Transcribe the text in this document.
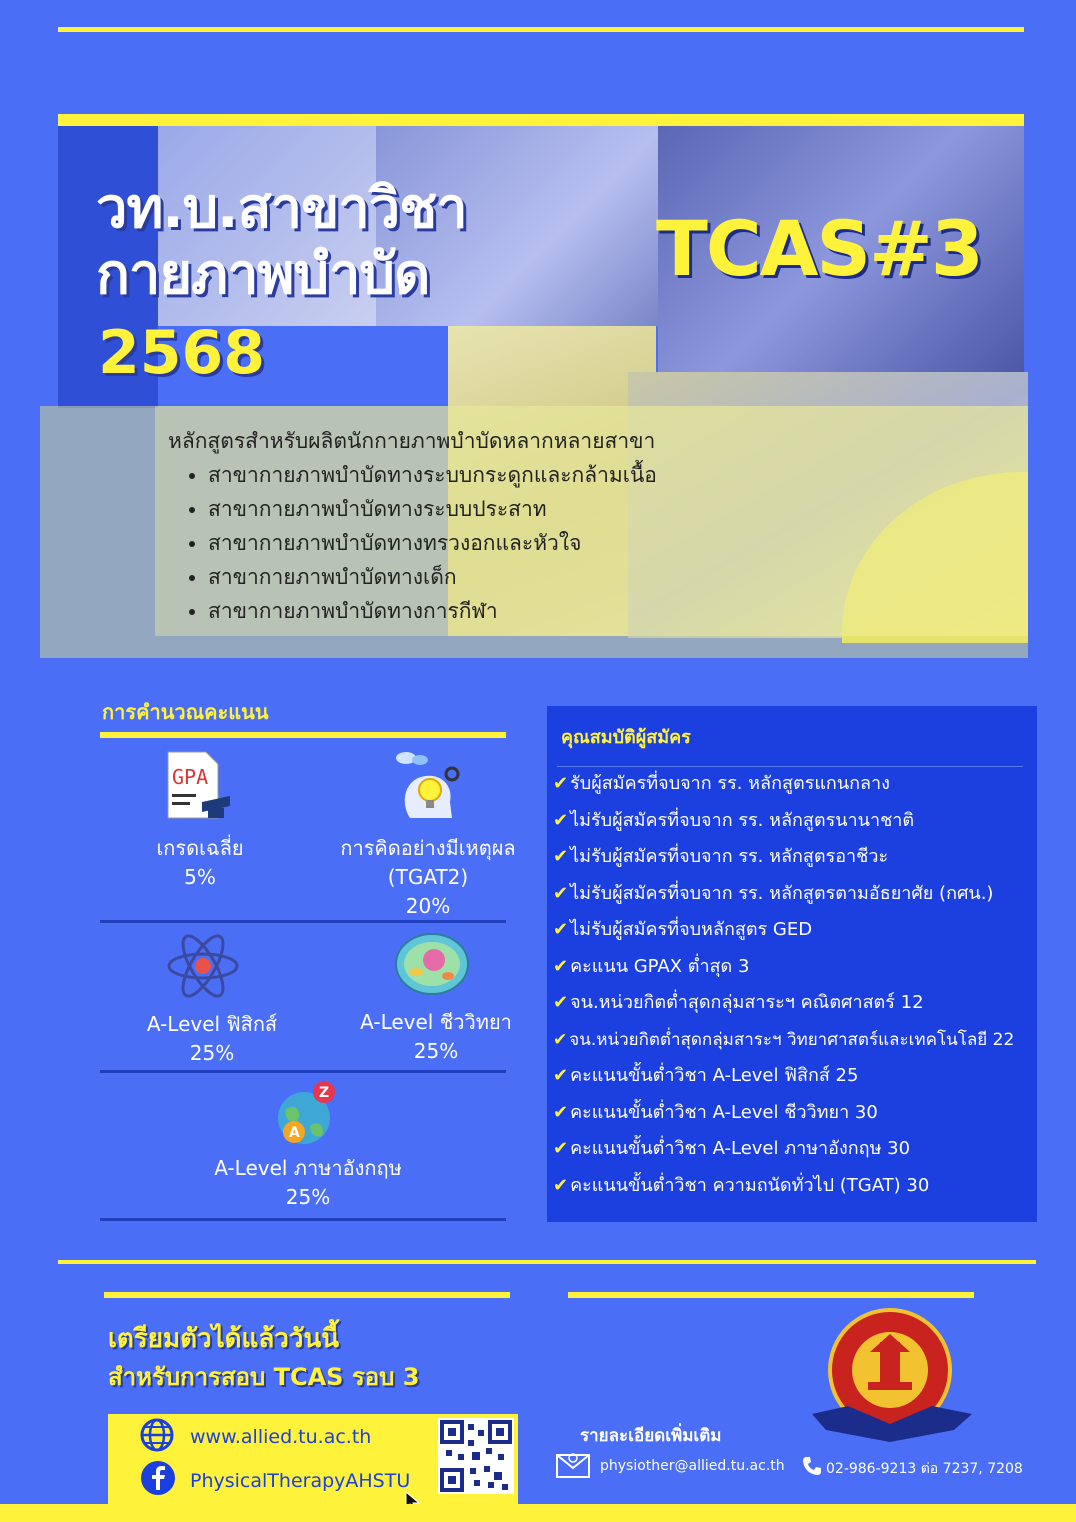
วท.บ.สาขาวิชา
กายภาพบำบัด
2568
TCAS#3
หลักสูตรสำหรับผลิตนักกายภาพบำบัดหลากหลายสาขา
• สาขากายภาพบำบัดทางระบบกระดูกและกล้ามเนื้อ
• สาขากายภาพบำบัดทางระบบประสาท
• สาขากายภาพบำบัดทางทรวงอกและหัวใจ
• สาขากายภาพบำบัดทางเด็ก
• สาขากายภาพบำบัดทางการกีฬา
การคำนวณคะแนน
GPA
เกรดเฉลี่ย
5%
การคิดอย่างมีเหตุผล
(TGAT2)
20%
A-Level ฟิสิกส์
25%
A-Level ชีววิทยา
25%
Z
A
A-Level ภาษาอังกฤษ
25%
คุณสมบัติผู้สมัคร
✔ รับผู้สมัครที่จบจาก รร. หลักสูตรแกนกลาง
✔ ไม่รับผู้สมัครที่จบจาก รร. หลักสูตรนานาชาติ
✔ ไม่รับผู้สมัครที่จบจาก รร. หลักสูตรอาชีวะ
✔ ไม่รับผู้สมัครที่จบจาก รร. หลักสูตรตามอัธยาศัย (กศน.)
✔ ไม่รับผู้สมัครที่จบหลักสูตร GED
✔ คะแนน GPAX ต่ำสุด 3
✔ จน.หน่วยกิตต่ำสุดกลุ่มสาระฯ คณิตศาสตร์ 12
✔ จน.หน่วยกิตต่ำสุดกลุ่มสาระฯ วิทยาศาสตร์และเทคโนโลยี 22
✔ คะแนนขั้นต่ำวิชา A-Level ฟิสิกส์ 25
✔ คะแนนขั้นต่ำวิชา A-Level ชีววิทยา 30
✔ คะแนนขั้นต่ำวิชา A-Level ภาษาอังกฤษ 30
✔ คะแนนขั้นต่ำวิชา ความถนัดทั่วไป (TGAT) 30
เตรียมตัวได้แล้ววันนี้
สำหรับการสอบ TCAS รอบ 3
www.allied.tu.ac.th
PhysicalTherapyAHSTU
รายละเอียดเพิ่มเติม
physiother@allied.tu.ac.th	02-986-9213 ต่อ 7237, 7208
